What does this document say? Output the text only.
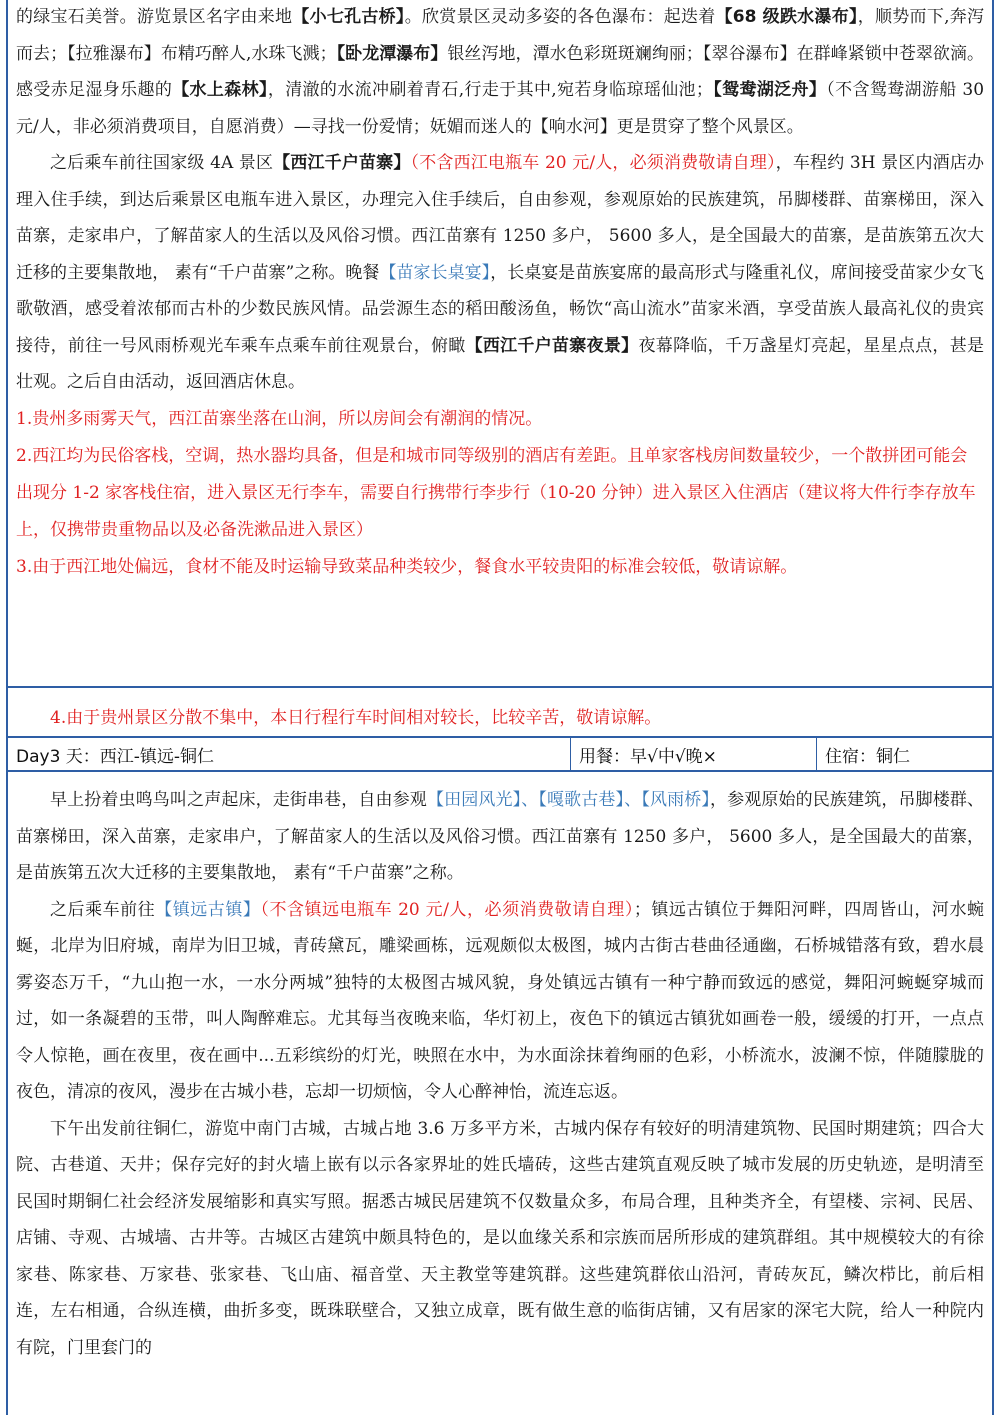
的绿宝石美誉。游览景区名字由来地【小七孔古桥】。欣赏景区灵动多姿的各色瀑布：起迭着【68 级跌水瀑布】，顺势而下,奔泻而去；【拉雅瀑布】布精巧醉人,水珠飞溅；【卧龙潭瀑布】银丝泻地，潭水色彩斑斑斓绚丽；【翠谷瀑布】在群峰紧锁中苍翠欲滴。感受赤足湿身乐趣的【水上森林】，清澈的水流冲刷着青石,行走于其中,宛若身临琼瑶仙池；【鸳鸯湖泛舟】（不含鸳鸯湖游船 30 元/人，非必须消费项目，自愿消费）—寻找一份爱情；妩媚而迷人的【响水河】更是贯穿了整个风景区。

之后乘车前往国家级 4A 景区【西江千户苗寨】（不含西江电瓶车 20 元/人，必须消费敬请自理），车程约 3H 景区内酒店办理入住手续，到达后乘景区电瓶车进入景区，办理完入住手续后，自由参观，参观原始的民族建筑，吊脚楼群、苗寨梯田，深入苗寨，走家串户，了解苗家人的生活以及风俗习惯。西江苗寨有 1250 多户， 5600 多人，是全国最大的苗寨，是苗族第五次大迁移的主要集散地， 素有“千户苗寨”之称。晚餐【苗家长桌宴】，长桌宴是苗族宴席的最高形式与隆重礼仪，席间接受苗家少女飞歌敬酒，感受着浓郁而古朴的少数民族风情。品尝源生态的稻田酸汤鱼，畅饮“高山流水”苗家米酒，享受苗族人最高礼仪的贵宾接待，前往一号风雨桥观光车乘车点乘车前往观景台，俯瞰【西江千户苗寨夜景】夜幕降临，千万盏星灯亮起，星星点点，甚是壮观。之后自由活动，返回酒店休息。

1.贵州多雨雾天气，西江苗寨坐落在山涧，所以房间会有潮润的情况。

2.西江均为民俗客栈，空调，热水器均具备，但是和城市同等级别的酒店有差距。且单家客栈房间数量较少，一个散拼团可能会出现分 1-2 家客栈住宿，进入景区无行李车，需要自行携带行李步行（10-20 分钟）进入景区入住酒店（建议将大件行李存放车上，仅携带贵重物品以及必备洗漱品进入景区）

3.由于西江地处偏远，食材不能及时运输导致菜品种类较少，餐食水平较贵阳的标准会较低，敬请谅解。

4.由于贵州景区分散不集中，本日行程行车时间相对较长，比较辛苦，敬请谅解。

Day3 天：西江-镇远-铜仁	用餐：早√中√晚×	住宿：铜仁

早上扮着虫鸣鸟叫之声起床，走街串巷，自由参观【田园风光】、【嘎歌古巷】、【风雨桥】，参观原始的民族建筑，吊脚楼群、苗寨梯田，深入苗寨，走家串户，了解苗家人的生活以及风俗习惯。西江苗寨有 1250 多户， 5600 多人，是全国最大的苗寨，是苗族第五次大迁移的主要集散地， 素有“千户苗寨”之称。

之后乘车前往【镇远古镇】（不含镇远电瓶车 20 元/人，必须消费敬请自理）；镇远古镇位于舞阳河畔，四周皆山，河水蜿蜒，北岸为旧府城，南岸为旧卫城，青砖黛瓦，雕梁画栋，远观颇似太极图，城内古街古巷曲径通幽，石桥城错落有致，碧水晨雾姿态万千，“九山抱一水，一水分两城”独特的太极图古城风貌，身处镇远古镇有一种宁静而致远的感觉，舞阳河蜿蜒穿城而过，如一条凝碧的玉带，叫人陶醉难忘。尤其每当夜晚来临，华灯初上，夜色下的镇远古镇犹如画卷一般，缓缓的打开，一点点令人惊艳，画在夜里，夜在画中...五彩缤纷的灯光，映照在水中，为水面涂抹着绚丽的色彩，小桥流水，波澜不惊，伴随朦胧的夜色，清凉的夜风，漫步在古城小巷，忘却一切烦恼，令人心醉神怡，流连忘返。

下午出发前往铜仁，游览中南门古城，古城占地 3.6 万多平方米，古城内保存有较好的明清建筑物、民国时期建筑；四合大院、古巷道、天井；保存完好的封火墙上嵌有以示各家界址的姓氏墙砖，这些古建筑直观反映了城市发展的历史轨迹，是明清至民国时期铜仁社会经济发展缩影和真实写照。据悉古城民居建筑不仅数量众多，布局合理，且种类齐全，有望楼、宗祠、民居、店铺、寺观、古城墙、古井等。古城区古建筑中颇具特色的，是以血缘关系和宗族而居所形成的建筑群组。其中规模较大的有徐家巷、陈家巷、万家巷、张家巷、飞山庙、福音堂、天主教堂等建筑群。这些建筑群依山沿河，青砖灰瓦，鳞次栉比，前后相连，左右相通，合纵连横，曲折多变，既珠联壁合，又独立成章，既有做生意的临街店铺，又有居家的深宅大院，给人一种院内有院，门里套门的
